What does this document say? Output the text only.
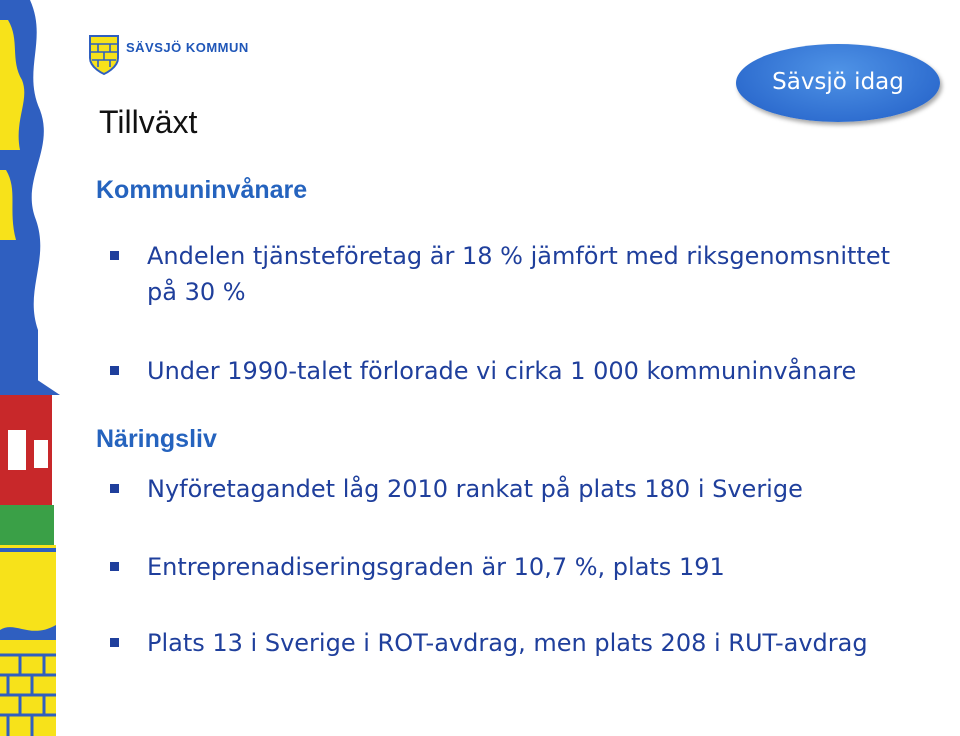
SÄVSJÖ KOMMUN
Sävsjö idag
Tillväxt
Kommuninvånare
Andelen tjänsteföretag är 18 % jämfört med riksgenomsnittet på 30 %
Under 1990-talet förlorade vi cirka 1 000 kommuninvånare
Näringsliv
Nyföretagandet låg 2010 rankat på plats 180 i Sverige
Entreprenadiseringsgraden är 10,7 %, plats 191
Plats 13 i Sverige i ROT-avdrag, men plats 208 i RUT-avdrag
